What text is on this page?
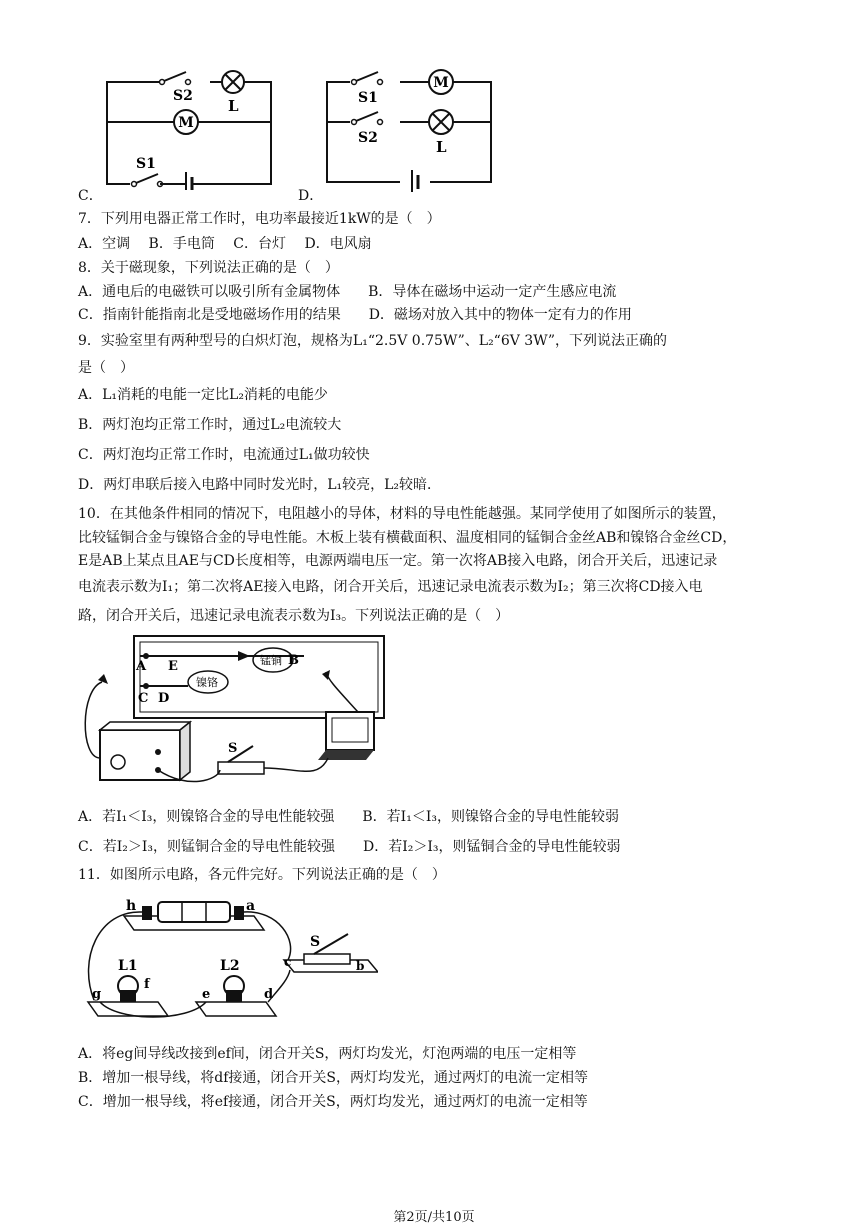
M
S2
L
S1
M
S1
S2	L
C．	D．
7．下列用电器正常工作时，电功率最接近1kW的是（　）
A．空调　 B．手电筒　 C．台灯　 D．电风扇
8．关于磁现象，下列说法正确的是（　）
A．通电后的电磁铁可以吸引所有金属物体　　B．导体在磁场中运动一定产生感应电流
C．指南针能指南北是受地磁场作用的结果　　D．磁场对放入其中的物体一定有力的作用
9．实验室里有两种型号的白炽灯泡，规格为L₁“2.5V 0.75W”、L₂“6V 3W”，下列说法正确的
是（　）
A．L₁消耗的电能一定比L₂消耗的电能少
B．两灯泡均正常工作时，通过L₂电流较大
C．两灯泡均正常工作时，电流通过L₁做功较快
D．两灯串联后接入电路中同时发光时，L₁较亮，L₂较暗．
10．在其他条件相同的情况下，电阻越小的导体，材料的导电性能越强。某同学使用了如图所示的装置，
比较锰铜合金与镍铬合金的导电性能。木板上装有横截面积、温度相同的锰铜合金丝AB和镍铬合金丝CD，
E是AB上某点且AE与CD长度相等，电源两端电压一定。第一次将AB接入电路，闭合开关后，迅速记录
电流表示数为I₁；第二次将AE接入电路，闭合开关后，迅速记录电流表示数为I₂；第三次将CD接入电
路，闭合开关后，迅速记录电流表示数为I₃。下列说法正确的是（　）
A E	B
C D
镍铬
锰铜
S
A．若I₁＜I₃，则镍铬合金的导电性能较强　　B．若I₁＜I₃，则镍铬合金的导电性能较弱
C．若I₂＞I₃，则锰铜合金的导电性能较强　　D．若I₂＞I₃，则锰铜合金的导电性能较弱
11．如图所示电路，各元件完好。下列说法正确的是（　）
h	a
S
c	b
L1
g
f
L2
e	d
A．将eg间导线改接到ef间，闭合开关S，两灯均发光，灯泡两端的电压一定相等
B．增加一根导线，将df接通，闭合开关S，两灯均发光，通过两灯的电流一定相等
C．增加一根导线，将ef接通，闭合开关S，两灯均发光，通过两灯的电流一定相等
第2页/共10页
